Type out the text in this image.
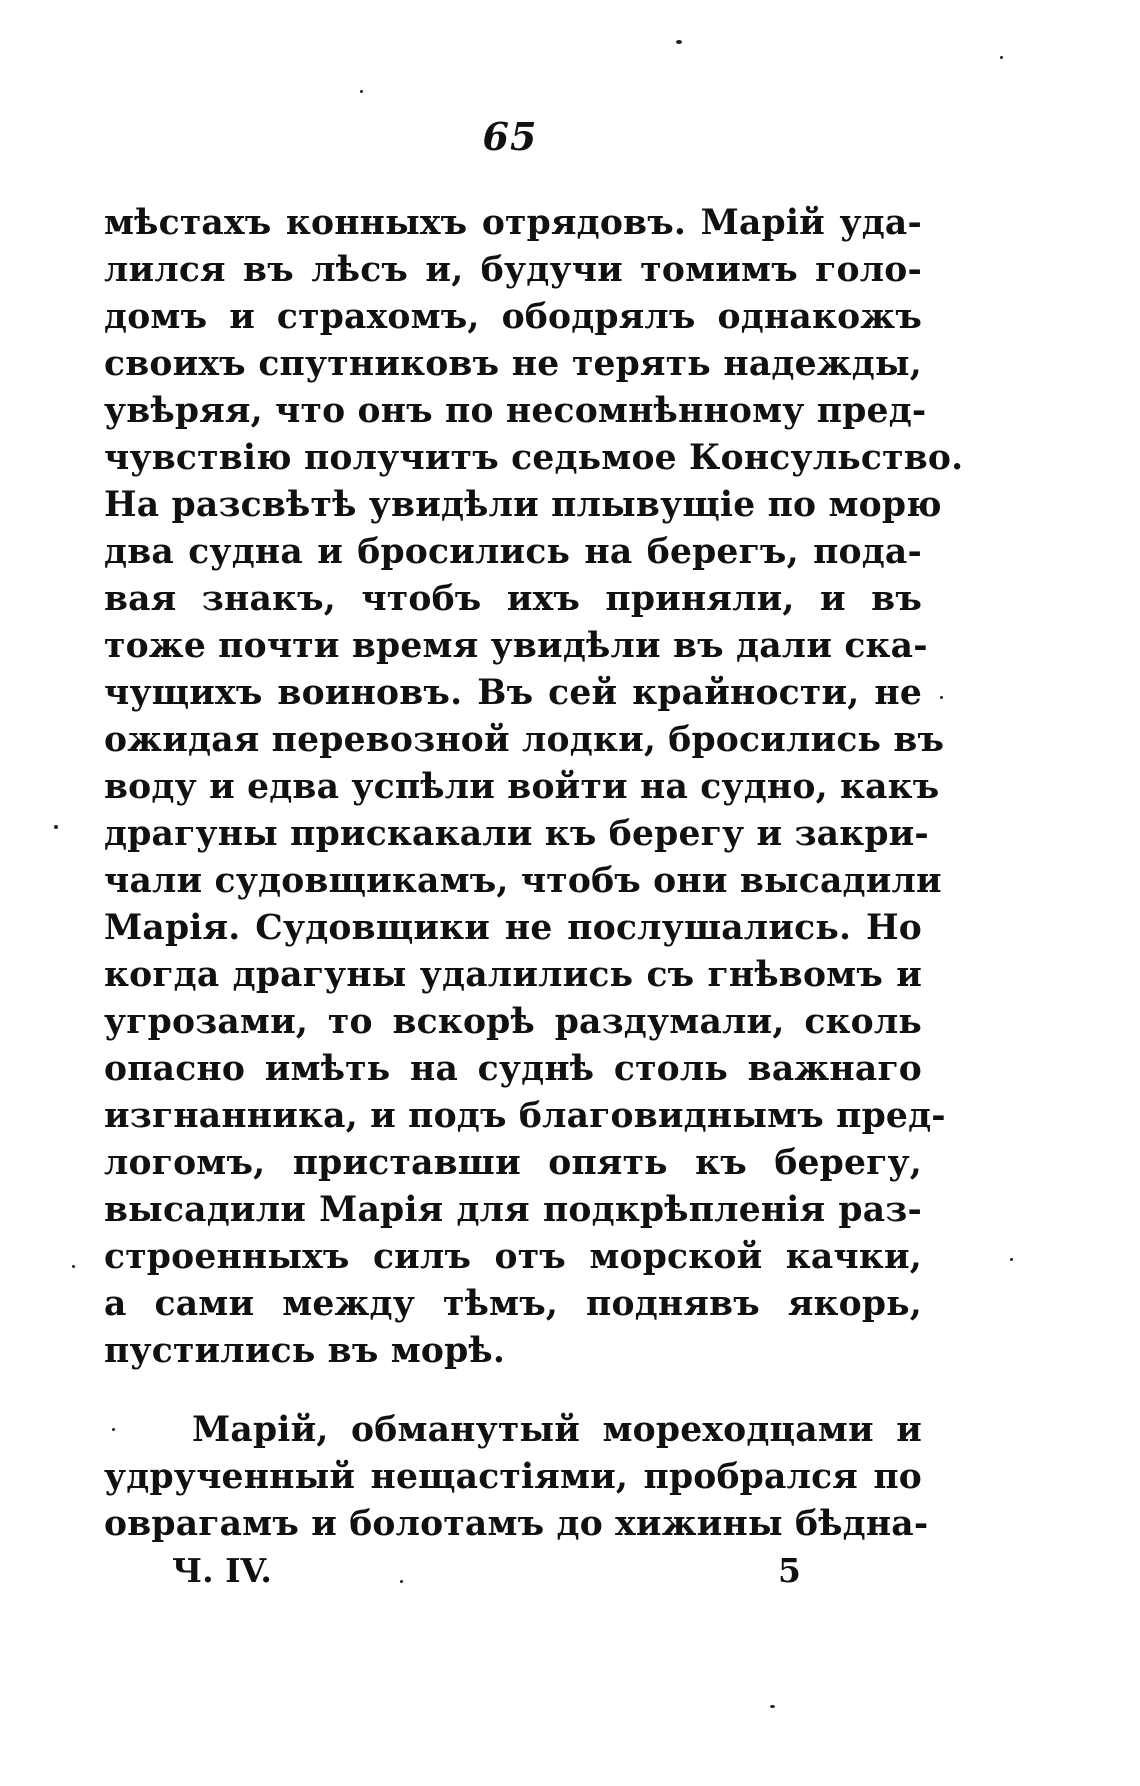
65
мѣстахъ конныхъ отрядовъ. Марій уда-
лился въ лѣсъ и, будучи томимъ голо-
домъ и страхомъ, ободрялъ однакожъ
своихъ спутниковъ не терять надежды,
увѣряя, что онъ по несомнѣнному пред-
чувствію получитъ седьмое Консульство.
На разсвѣтѣ увидѣли плывущіе по морю
два судна и бросились на берегъ, пода-
вая знакъ, чтобъ ихъ приняли, и въ
тоже почти время увидѣли въ дали ска-
чущихъ воиновъ. Въ сей крайности, не
ожидая перевозной лодки, бросились въ
воду и едва успѣли войти на судно, какъ
драгуны прискакали къ берегу и закри-
чали судовщикамъ, чтобъ они высадили
Марія. Судовщики не послушались. Но
когда драгуны удалились съ гнѣвомъ и
угрозами, то вскорѣ раздумали, сколь
опасно имѣть на суднѣ столь важнаго
изгнанника, и подъ благовиднымъ пред-
логомъ, приставши опять къ берегу,
высадили Марія для подкрѣпленія раз-
строенныхъ силъ отъ морской качки,
а сами между тѣмъ, поднявъ якорь,
пустились въ морѣ.
Марій, обманутый мореходцами и
удрученный нещастіями, пробрался по
оврагамъ и болотамъ до хижины бѣдна-
Ч. IV.	5
